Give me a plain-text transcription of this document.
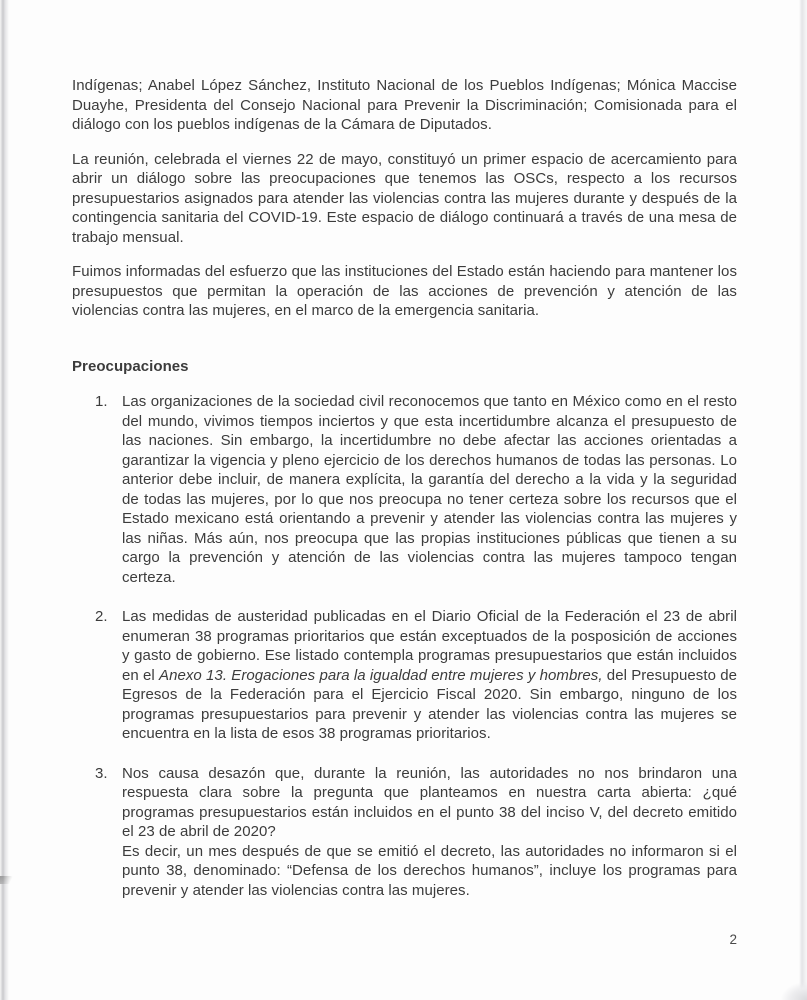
Indígenas; Anabel López Sánchez, Instituto Nacional de los Pueblos Indígenas; Mónica Maccise Duayhe, Presidenta del Consejo Nacional para Prevenir la Discriminación; Comisionada para el diálogo con los pueblos indígenas de la Cámara de Diputados.

La reunión, celebrada el viernes 22 de mayo, constituyó un primer espacio de acercamiento para abrir un diálogo sobre las preocupaciones que tenemos las OSCs, respecto a los recursos presupuestarios asignados para atender las violencias contra las mujeres durante y después de la contingencia sanitaria del COVID-19. Este espacio de diálogo continuará a través de una mesa de trabajo mensual.

Fuimos informadas del esfuerzo que las instituciones del Estado están haciendo para mantener los presupuestos que permitan la operación de las acciones de prevención y atención de las violencias contra las mujeres, en el marco de la emergencia sanitaria.

Preocupaciones
1. Las organizaciones de la sociedad civil reconocemos que tanto en México como en el resto del mundo, vivimos tiempos inciertos y que esta incertidumbre alcanza el presupuesto de las naciones. Sin embargo, la incertidumbre no debe afectar las acciones orientadas a garantizar la vigencia y pleno ejercicio de los derechos humanos de todas las personas. Lo anterior debe incluir, de manera explícita, la garantía del derecho a la vida y la seguridad de todas las mujeres, por lo que nos preocupa no tener certeza sobre los recursos que el Estado mexicano está orientando a prevenir y atender las violencias contra las mujeres y las niñas. Más aún, nos preocupa que las propias instituciones públicas que tienen a su cargo la prevención y atención de las violencias contra las mujeres tampoco tengan certeza.
2. Las medidas de austeridad publicadas en el Diario Oficial de la Federación el 23 de abril enumeran 38 programas prioritarios que están exceptuados de la posposición de acciones y gasto de gobierno. Ese listado contempla programas presupuestarios que están incluidos en el Anexo 13. Erogaciones para la igualdad entre mujeres y hombres, del Presupuesto de Egresos de la Federación para el Ejercicio Fiscal 2020. Sin embargo, ninguno de los programas presupuestarios para prevenir y atender las violencias contra las mujeres se encuentra en la lista de esos 38 programas prioritarios.
3. Nos causa desazón que, durante la reunión, las autoridades no nos brindaron una respuesta clara sobre la pregunta que planteamos en nuestra carta abierta: ¿qué programas presupuestarios están incluidos en el punto 38 del inciso V, del decreto emitido el 23 de abril de 2020?
Es decir, un mes después de que se emitió el decreto, las autoridades no informaron si el punto 38, denominado: “Defensa de los derechos humanos”, incluye los programas para prevenir y atender las violencias contra las mujeres.
2
